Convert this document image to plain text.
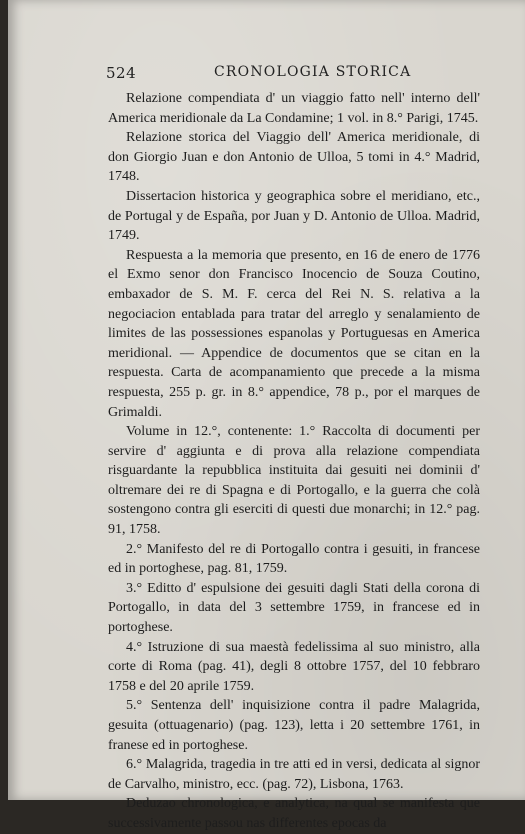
524	CRONOLOGIA STORICA

Relazione compendiata d' un viaggio fatto nell' interno dell' America meridionale da La Condamine; 1 vol. in 8.° Parigi, 1745.

Relazione storica del Viaggio dell' America meridionale, di don Giorgio Juan e don Antonio de Ulloa, 5 tomi in 4.° Madrid, 1748.

Dissertacion historica y geographica sobre el meridiano, etc., de Portugal y de España, por Juan y D. Antonio de Ulloa. Madrid, 1749.

Respuesta a la memoria que presento, en 16 de enero de 1776 el Exmo senor don Francisco Inocencio de Souza Coutino, embaxador de S. M. F. cerca del Rei N. S. relativa a la negociacion entablada para tratar del arreglo y senalamiento de limites de las possessiones espanolas y Portuguesas en America meridional. — Appendice de documentos que se citan en la respuesta. Carta de acompanamiento que precede a la misma respuesta, 255 p. gr. in 8.° appendice, 78 p., por el marques de Grimaldi.

Volume in 12.°, contenente: 1.° Raccolta di documenti per servire d' aggiunta e di prova alla relazione compendiata risguardante la repubblica instituita dai gesuiti nei dominii d' oltremare dei re di Spagna e di Portogallo, e la guerra che colà sostengono contra gli eserciti di questi due monarchi; in 12.° pag. 91, 1758.

2.° Manifesto del re di Portogallo contra i gesuiti, in francese ed in portoghese, pag. 81, 1759.

3.° Editto d' espulsione dei gesuiti dagli Stati della corona di Portogallo, in data del 3 settembre 1759, in francese ed in portoghese.

4.° Istruzione di sua maestà fedelissima al suo ministro, alla corte di Roma (pag. 41), degli 8 ottobre 1757, del 10 febbraro 1758 e del 20 aprile 1759.

5.° Sentenza dell' inquisizione contra il padre Malagrida, gesuita (ottuagenario) (pag. 123), letta i 20 settembre 1761, in franese ed in portoghese.

6.° Malagrida, tragedia in tre atti ed in versi, dedicata al signor de Carvalho, ministro, ecc. (pag. 72), Lisbona, 1763.

Deduzao chronologica, e analytica, na qual se manifesta que successivamente passou nas differentes epocas da
